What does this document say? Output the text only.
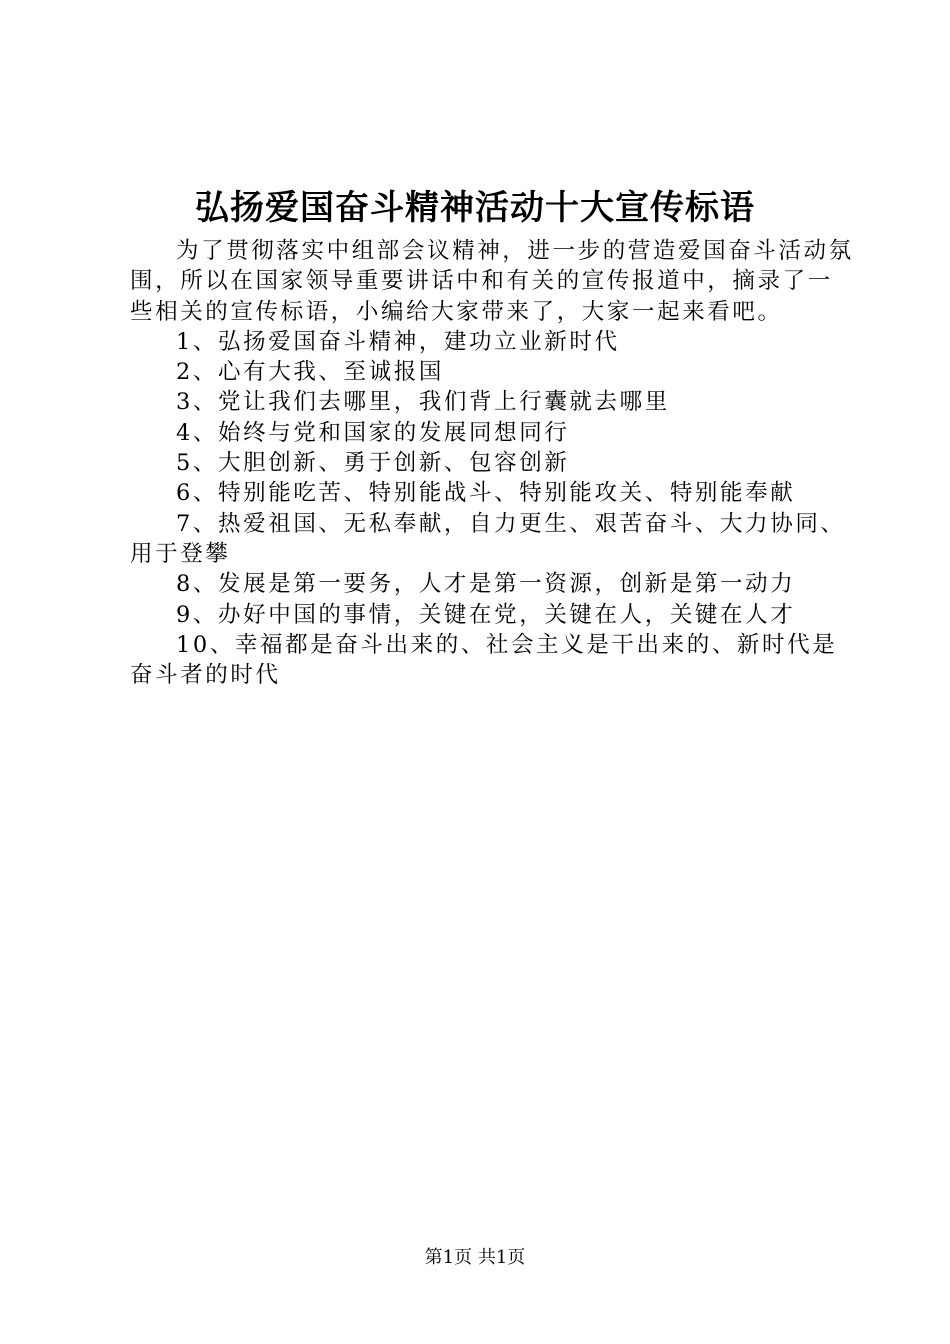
弘扬爱国奋斗精神活动十大宣传标语

为了贯彻落实中组部会议精神，进一步的营造爱国奋斗活动氛围，所以在国家领导重要讲话中和有关的宣传报道中，摘录了一些相关的宣传标语，小编给大家带来了，大家一起来看吧。

1、弘扬爱国奋斗精神，建功立业新时代
2、心有大我、至诚报国
3、党让我们去哪里，我们背上行囊就去哪里
4、始终与党和国家的发展同想同行
5、大胆创新、勇于创新、包容创新
6、特别能吃苦、特别能战斗、特别能攻关、特别能奉献
7、热爱祖国、无私奉献，自力更生、艰苦奋斗、大力协同、用于登攀
8、发展是第一要务，人才是第一资源，创新是第一动力
9、办好中国的事情，关键在党，关键在人，关键在人才
10、幸福都是奋斗出来的、社会主义是干出来的、新时代是奋斗者的时代
第1页 共1页
